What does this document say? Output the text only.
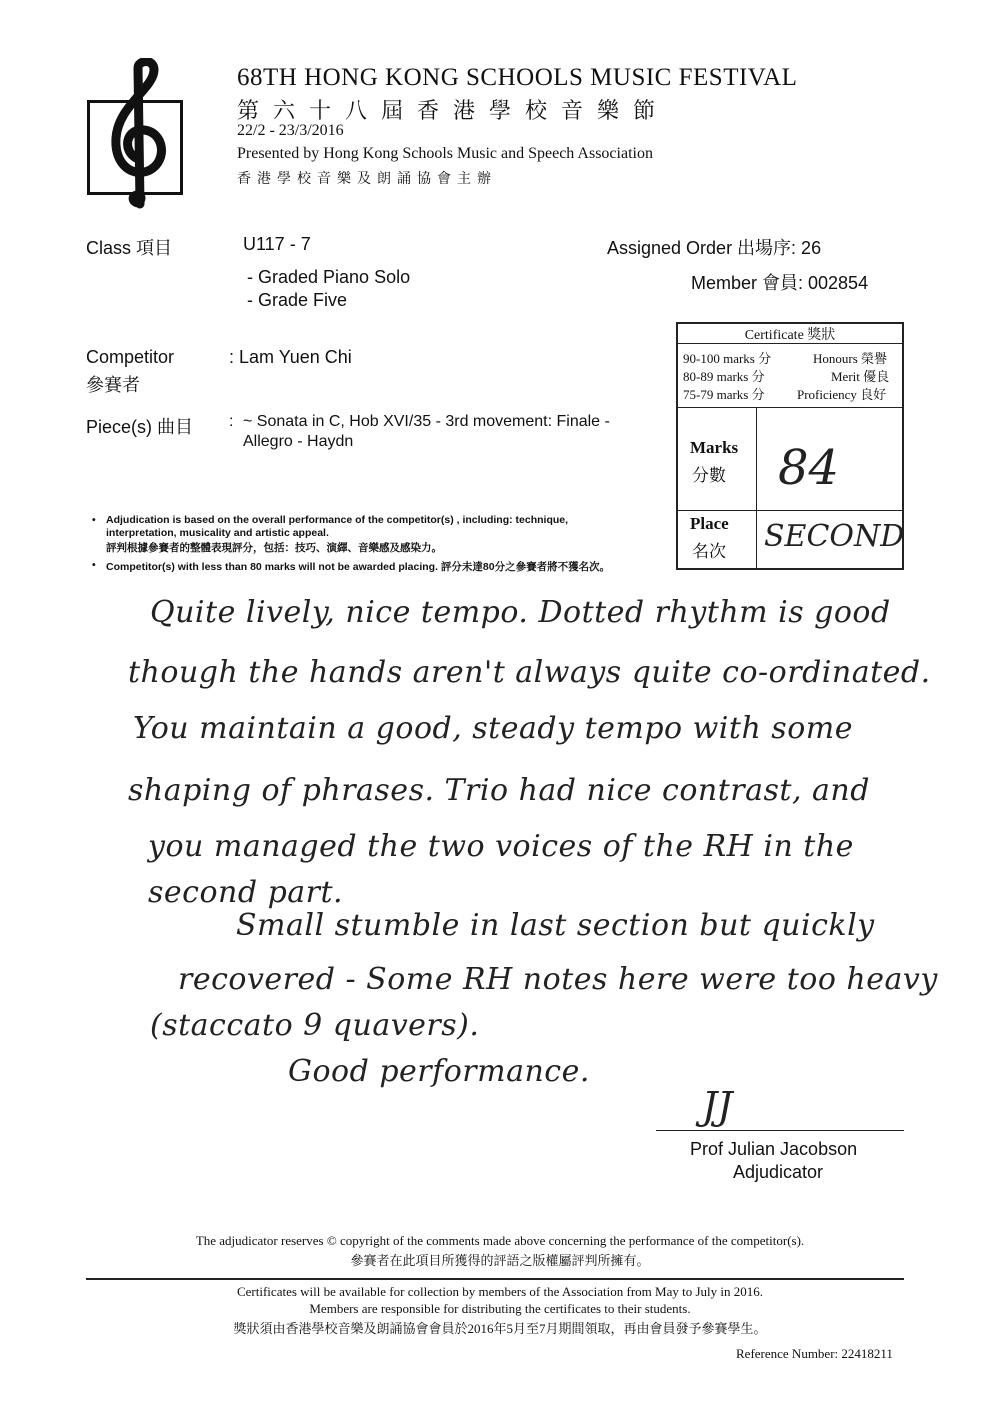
68TH HONG KONG SCHOOLS MUSIC FESTIVAL
第六十八屆香港學校音樂節
22/2 - 23/3/2016
Presented by Hong Kong Schools Music and Speech Association
香港學校音樂及朗誦協會主辦
Class 項目	U117 - 7
- Graded Piano Solo
- Grade Five
Assigned Order 出場序: 26
Member 會員: 002854
Competitor
參賽者
: Lam Yuen Chi
Piece(s) 曲目 : ~ Sonata in C, Hob XVI/35 - 3rd movement: Finale -
Allegro - Haydn
Certificate 獎狀
90-100 marks 分	Honours 榮譽
80-89 marks 分	Merit 優良
75-79 marks 分 Proficiency 良好
Marks
分數 84
Place
名次 SECOND
• Adjudication is based on the overall performance of the competitor(s) , including: technique,
interpretation, musicality and artistic appeal.
評判根據參賽者的整體表現評分，包括：技巧、演繹、音樂感及感染力。
• Competitor(s) with less than 80 marks will not be awarded placing. 評分未達80分之參賽者將不獲名次。
Quite lively, nice tempo. Dotted rhythm is good
though the hands aren't always quite co-ordinated.
You maintain a good, steady tempo with some
shaping of phrases. Trio had nice contrast, and
you managed the two voices of the RH in the
second part.
Small stumble in last section but quickly
recovered - Some RH notes here were too heavy
(staccato 9 quavers).
Good performance.
JJ
Prof Julian Jacobson
Adjudicator
The adjudicator reserves © copyright of the comments made above concerning the performance of the competitor(s).
參賽者在此項目所獲得的評語之版權屬評判所擁有。
Certificates will be available for collection by members of the Association from May to July in 2016.
Members are responsible for distributing the certificates to their students.
獎狀須由香港學校音樂及朗誦協會會員於2016年5月至7月期間領取，再由會員發予參賽學生。
Reference Number: 22418211
